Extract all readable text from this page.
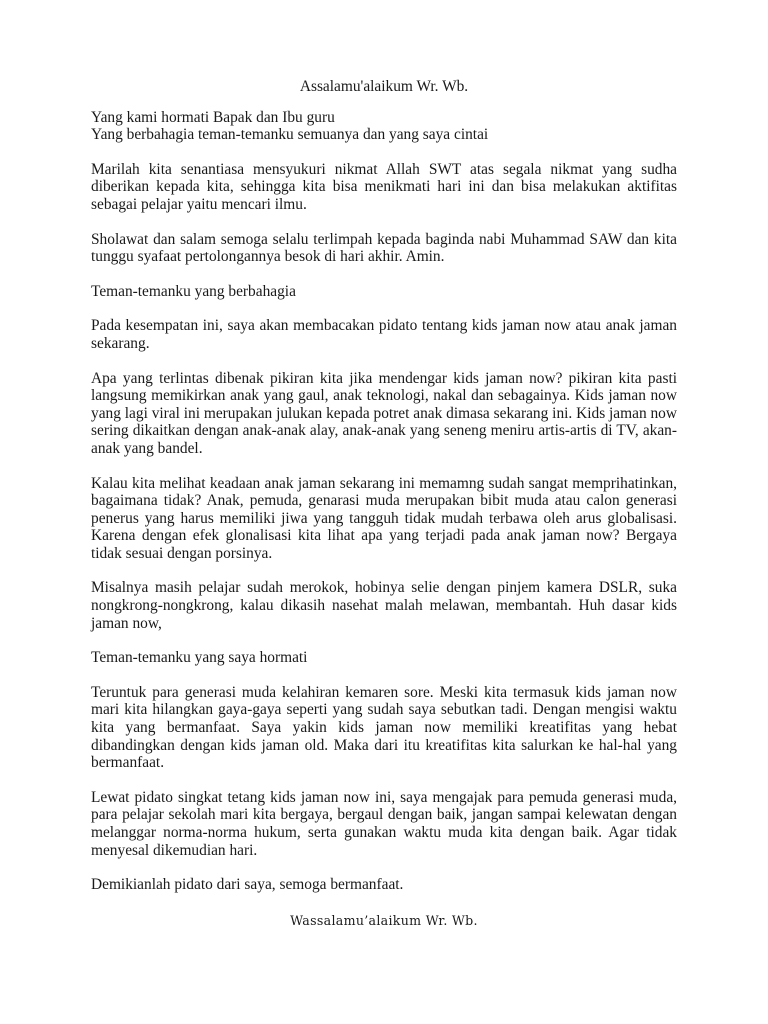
Assalamu'alaikum Wr. Wb.

Yang kami hormati Bapak dan Ibu guru

Yang berbahagia teman-temanku semuanya dan yang saya cintai

Marilah kita senantiasa mensyukuri nikmat Allah SWT atas segala nikmat yang sudha diberikan kepada kita, sehingga kita bisa menikmati hari ini dan bisa melakukan aktifitas sebagai pelajar yaitu mencari ilmu.

Sholawat dan salam semoga selalu terlimpah kepada baginda nabi Muhammad SAW dan kita tunggu syafaat pertolongannya besok di hari akhir. Amin.

Teman-temanku yang berbahagia

Pada kesempatan ini, saya akan membacakan pidato tentang kids jaman now atau anak jaman sekarang.

Apa yang terlintas dibenak pikiran kita jika mendengar kids jaman now? pikiran kita pasti langsung memikirkan anak yang gaul, anak teknologi, nakal dan sebagainya. Kids jaman now yang lagi viral ini merupakan julukan kepada potret anak dimasa sekarang ini. Kids jaman now sering dikaitkan dengan anak-anak alay, anak-anak yang seneng meniru artis-artis di TV, akan-anak yang bandel.

Kalau kita melihat keadaan anak jaman sekarang ini memamng sudah sangat memprihatinkan, bagaimana tidak? Anak, pemuda, genarasi muda merupakan bibit muda atau calon generasi penerus yang harus memiliki jiwa yang tangguh tidak mudah terbawa oleh arus globalisasi. Karena dengan efek glonalisasi kita lihat apa yang terjadi pada anak jaman now? Bergaya tidak sesuai dengan porsinya.

Misalnya masih pelajar sudah merokok, hobinya selie dengan pinjem kamera DSLR, suka nongkrong-nongkrong, kalau dikasih nasehat malah melawan, membantah. Huh dasar kids jaman now,

Teman-temanku yang saya hormati

Teruntuk para generasi muda kelahiran kemaren sore. Meski kita termasuk kids jaman now mari kita hilangkan gaya-gaya seperti yang sudah saya sebutkan tadi. Dengan mengisi waktu kita yang bermanfaat. Saya yakin kids jaman now memiliki kreatifitas yang hebat dibandingkan dengan kids jaman old. Maka dari itu kreatifitas kita salurkan ke hal-hal yang bermanfaat.

Lewat pidato singkat tetang kids jaman now ini, saya mengajak para pemuda generasi muda, para pelajar sekolah mari kita bergaya, bergaul dengan baik, jangan sampai kelewatan dengan melanggar norma-norma hukum, serta gunakan waktu muda kita dengan baik. Agar tidak menyesal dikemudian hari.

Demikianlah pidato dari saya, semoga bermanfaat.

Wassalamu’alaikum Wr. Wb.
